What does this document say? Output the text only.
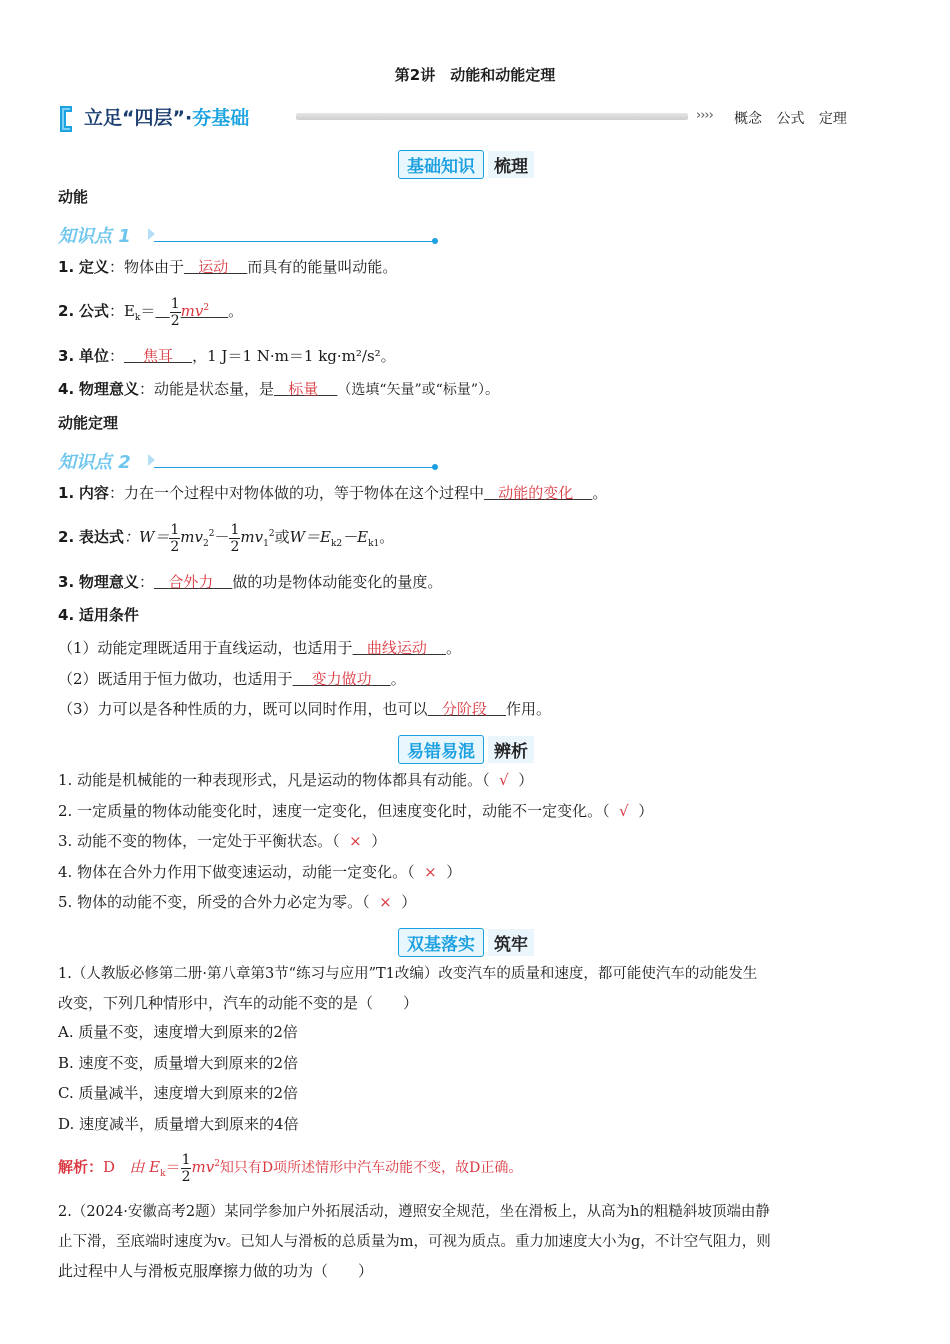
第2讲　动能和动能定理
立足“四层”·夯基础	›››› 概念 公式 定理
基础知识 梳理
动能
知识点 1
1. 定义：物体由于 运动 而具有的能量叫动能。
2. 公式：$E_k= \frac{1}{2} mv^2$ 。
3. 单位： 焦耳 ，1 J＝1 N·m＝1 kg·m²/s²。
4. 物理意义：动能是状态量，是 标量 （选填“矢量”或“标量”）。
动能定理
知识点 2
1. 内容：力在一个过程中对物体做的功，等于物体在这个过程中 动能的变化 。
2. 表达式：$W= \frac{1}{2} mv_2^2- \frac{1}{2} mv_1^2$或$W=E_{k2}-E_{k1}$。
3. 物理意义： 合外力 做的功是物体动能变化的量度。
4. 适用条件
（1）动能定理既适用于直线运动，也适用于 曲线运动 。
（2）既适用于恒力做功，也适用于 变力做功 。
（3）力可以是各种性质的力，既可以同时作用，也可以 分阶段 作用。
易错易混 辨析
1. 动能是机械能的一种表现形式，凡是运动的物体都具有动能。（ √ ）
2. 一定质量的物体动能变化时，速度一定变化，但速度变化时，动能不一定变化。（ √ ）
3. 动能不变的物体，一定处于平衡状态。（ × ）
4. 物体在合外力作用下做变速运动，动能一定变化。（ × ）
5. 物体的动能不变，所受的合外力必定为零。（ × ）
双基落实 筑牢
1.（人教版必修第二册·第八章第3节“练习与应用”T1改编）改变汽车的质量和速度，都可能使汽车的动能发生
改变，下列几种情形中，汽车的动能不变的是（　　）
A. 质量不变，速度增大到原来的2倍
B. 速度不变，质量增大到原来的2倍
C. 质量减半，速度增大到原来的2倍
D. 速度减半，质量增大到原来的4倍
解析：D 由 $E_k= \frac{1}{2} mv^2$知只有D项所述情形中汽车动能不变，故D正确。
2.（2024·安徽高考2题）某同学参加户外拓展活动，遵照安全规范，坐在滑板上，从高为h的粗糙斜坡顶端由静
止下滑，至底端时速度为v。已知人与滑板的总质量为m，可视为质点。重力加速度大小为g，不计空气阻力，则
此过程中人与滑板克服摩擦力做的功为（　　）
